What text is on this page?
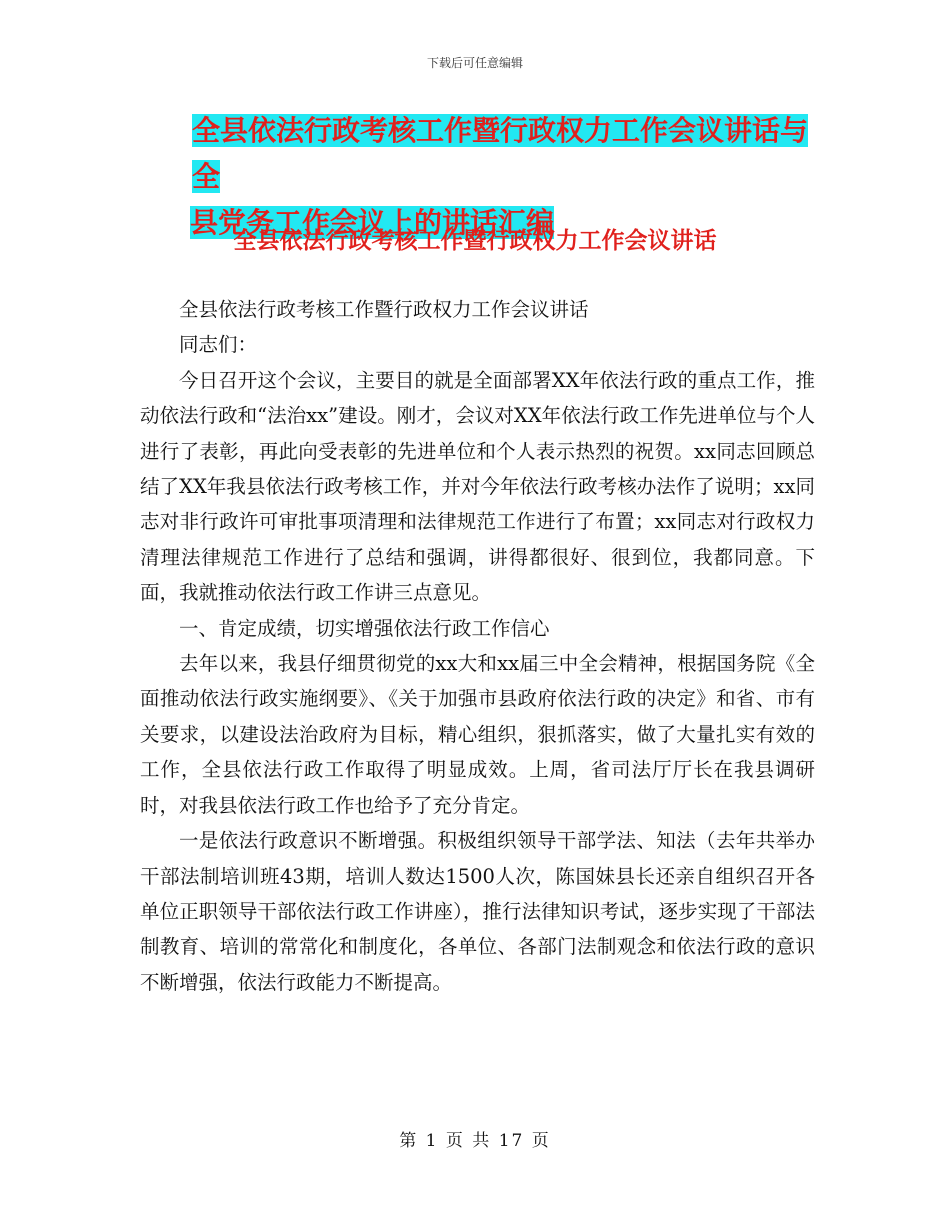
下载后可任意编辑
全县依法行政考核工作暨行政权力工作会议讲话与全
县党务工作会议上的讲话汇编
全县依法行政考核工作暨行政权力工作会议讲话

全县依法行政考核工作暨行政权力工作会议讲话

同志们：

今日召开这个会议，主要目的就是全面部署XX年依法行政的重点工作，推动依法行政和“法治xx”建设。刚才，会议对XX年依法行政工作先进单位与个人进行了表彰，再此向受表彰的先进单位和个人表示热烈的祝贺。xx同志回顾总结了XX年我县依法行政考核工作，并对今年依法行政考核办法作了说明；xx同志对非行政许可审批事项清理和法律规范工作进行了布置；xx同志对行政权力清理法律规范工作进行了总结和强调，讲得都很好、很到位，我都同意。下面，我就推动依法行政工作讲三点意见。

一、肯定成绩，切实增强依法行政工作信心

去年以来，我县仔细贯彻党的xx大和xx届三中全会精神，根据国务院《全面推动依法行政实施纲要》、《关于加强市县政府依法行政的决定》和省、市有关要求，以建设法治政府为目标，精心组织，狠抓落实，做了大量扎实有效的工作，全县依法行政工作取得了明显成效。上周，省司法厅厅长在我县调研时，对我县依法行政工作也给予了充分肯定。

一是依法行政意识不断增强。积极组织领导干部学法、知法（去年共举办干部法制培训班43期，培训人数达1500人次，陈国妹县长还亲自组织召开各单位正职领导干部依法行政工作讲座），推行法律知识考试，逐步实现了干部法制教育、培训的常常化和制度化，各单位、各部门法制观念和依法行政的意识不断增强，依法行政能力不断提高。

第 1 页 共 17 页
